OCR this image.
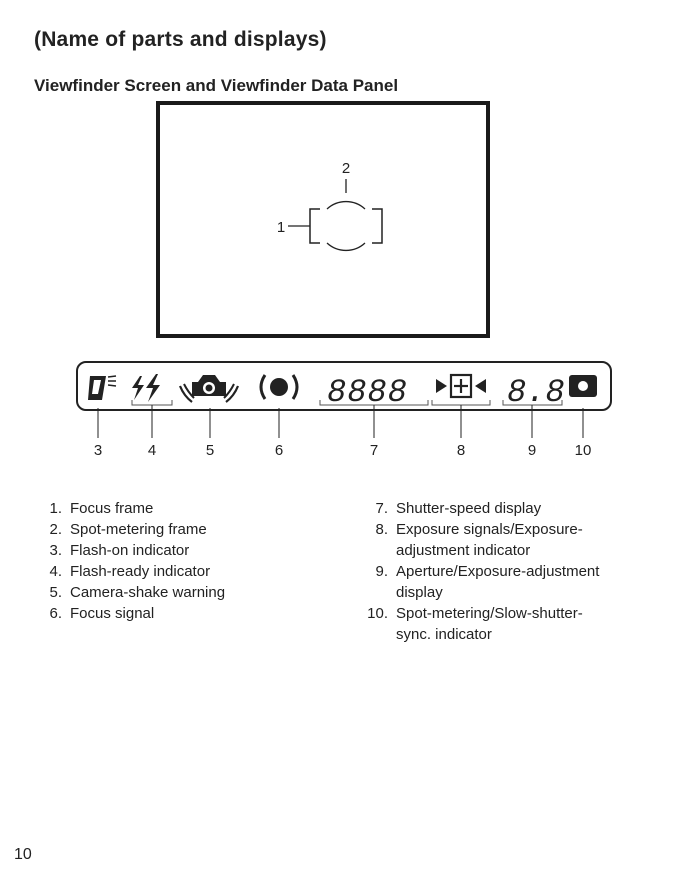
(Name of parts and displays)
Viewfinder Screen and Viewfinder Data Panel
2
1
8888	8.8
3	4	5	6	7	8	9	10
1. Focus frame
2. Spot-metering frame
3. Flash-on indicator
4. Flash-ready indicator
5. Camera-shake warning
6. Focus signal
7. Shutter-speed display
8. Exposure signals/Exposure-
adjustment indicator
9. Aperture/Exposure-adjustment
display
10. Spot-metering/Slow-shutter-
sync. indicator
10
